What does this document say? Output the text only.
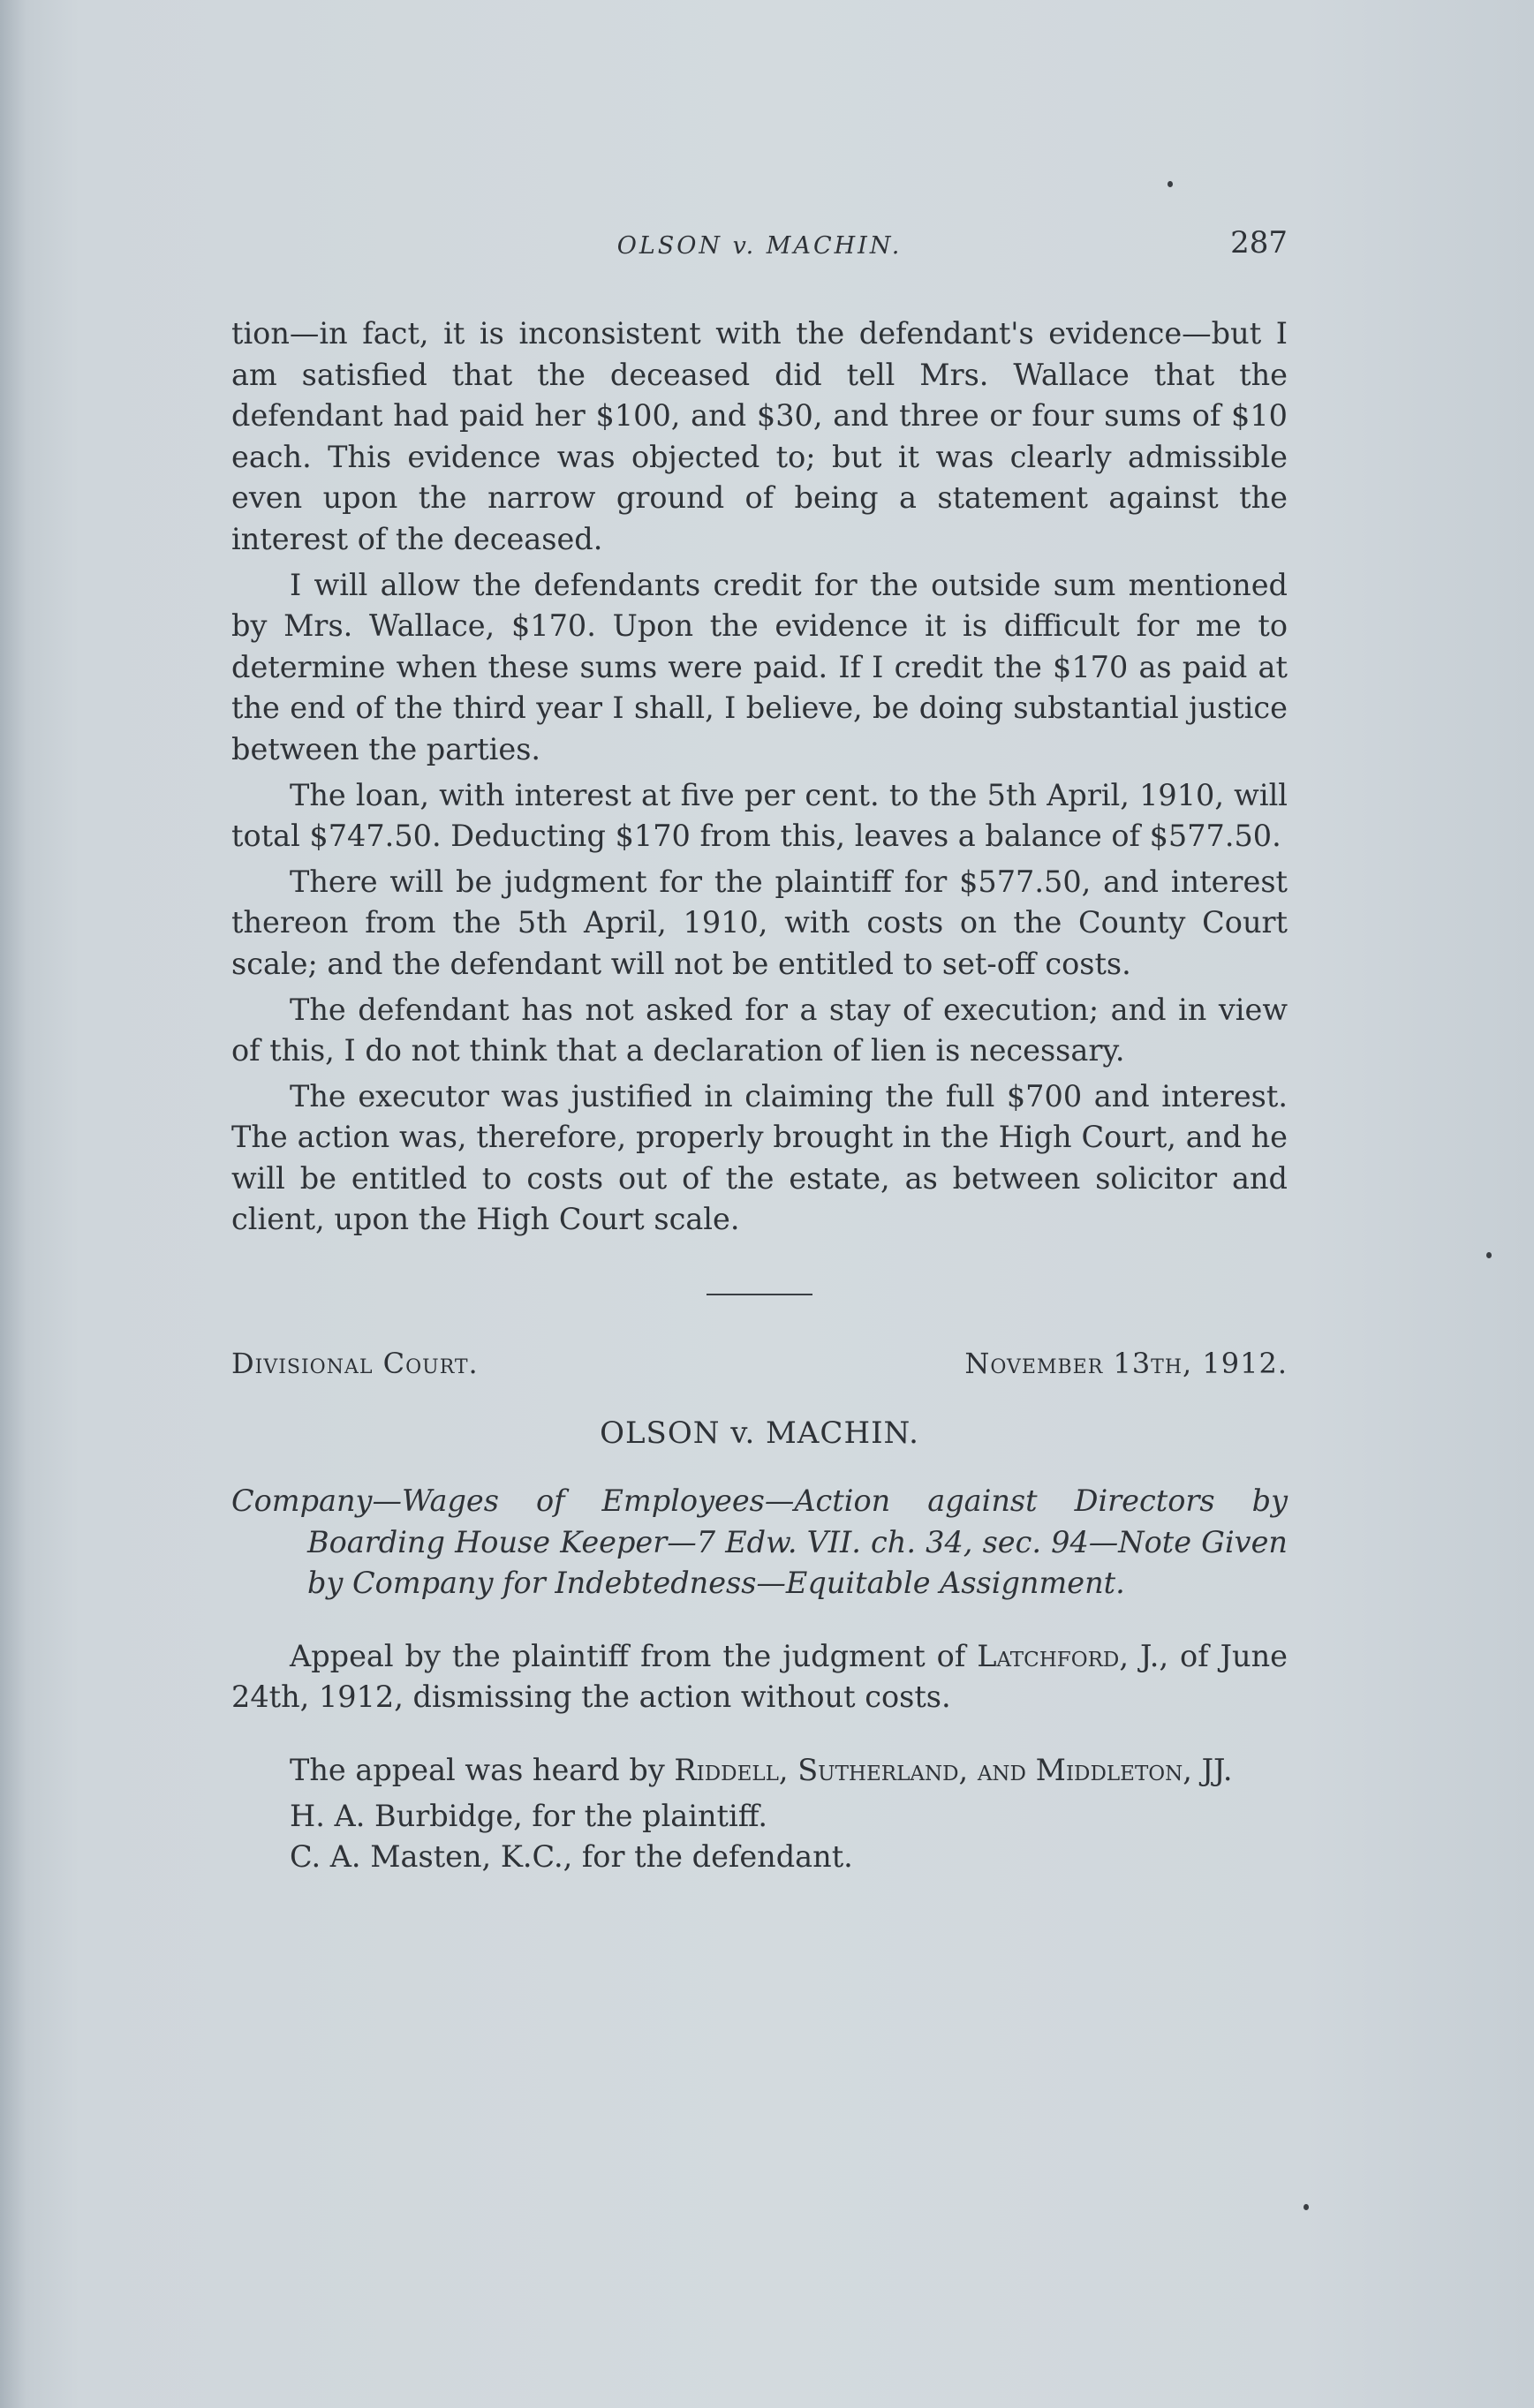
OLSON v. MACHIN.	287

tion—in fact, it is inconsistent with the defendant's evidence—but I am satisfied that the deceased did tell Mrs. Wallace that the defendant had paid her $100, and $30, and three or four sums of $10 each. This evidence was objected to; but it was clearly admissible even upon the narrow ground of being a statement against the interest of the deceased.

I will allow the defendants credit for the outside sum mentioned by Mrs. Wallace, $170. Upon the evidence it is difficult for me to determine when these sums were paid. If I credit the $170 as paid at the end of the third year I shall, I believe, be doing substantial justice between the parties.

The loan, with interest at five per cent. to the 5th April, 1910, will total $747.50. Deducting $170 from this, leaves a balance of $577.50.

There will be judgment for the plaintiff for $577.50, and interest thereon from the 5th April, 1910, with costs on the County Court scale; and the defendant will not be entitled to set-off costs.

The defendant has not asked for a stay of execution; and in view of this, I do not think that a declaration of lien is necessary.

The executor was justified in claiming the full $700 and interest. The action was, therefore, properly brought in the High Court, and he will be entitled to costs out of the estate, as between solicitor and client, upon the High Court scale.

Divisional Court.	November 13th, 1912.
OLSON v. MACHIN.

Company—Wages of Employees—Action against Directors by Boarding House Keeper—7 Edw. VII. ch. 34, sec. 94—Note Given by Company for Indebtedness—Equitable Assignment.

Appeal by the plaintiff from the judgment of Latchford, J., of June 24th, 1912, dismissing the action without costs.

The appeal was heard by Riddell, Sutherland, and Middleton, JJ.

H. A. Burbidge, for the plaintiff.

C. A. Masten, K.C., for the defendant.
